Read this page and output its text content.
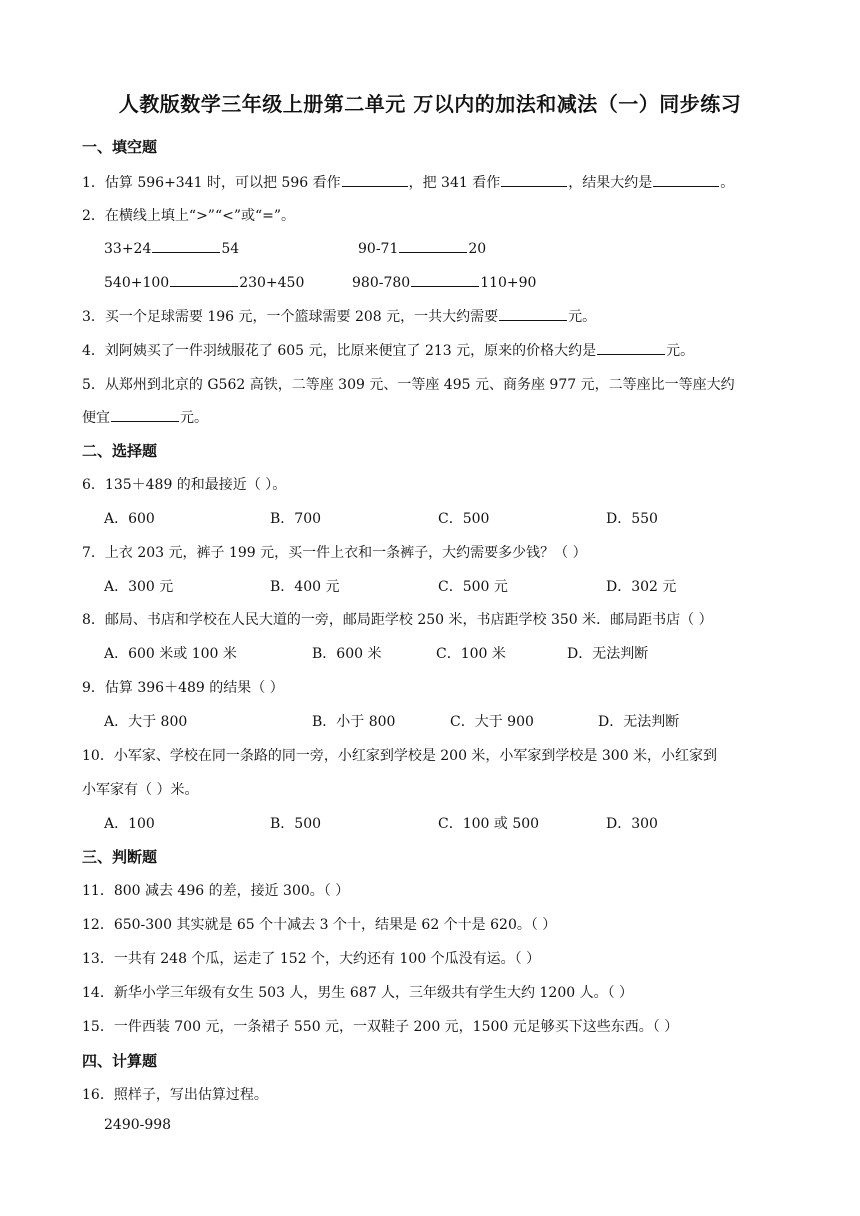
人教版数学三年级上册第二单元 万以内的加法和减法（一）同步练习
一、填空题
1．估算 596+341 时，可以把 596 看作	，把 341 看作	，结果大约是	。
2．在横线上填上“>”“<”或“=”。
33+24	54	90-71	20
540+100	230+450	980-780	110+90
3．买一个足球需要 196 元，一个篮球需要 208 元，一共大约需要	元。
4．刘阿姨买了一件羽绒服花了 605 元，比原来便宜了 213 元，原来的价格大约是	元。
5．从郑州到北京的 G562 高铁，二等座 309 元、一等座 495 元、商务座 977 元，二等座比一等座大约
便宜	元。
二、选择题
6．135＋489 的和最接近（ ）。
A．600	B．700	C．500	D．550
7．上衣 203 元，裤子 199 元，买一件上衣和一条裤子，大约需要多少钱？（ ）
A．300 元	B．400 元	C．500 元	D．302 元
8．邮局、书店和学校在人民大道的一旁，邮局距学校 250 米，书店距学校 350 米．邮局距书店（ ）
A．600 米或 100 米	B．600 米	C．100 米	D．无法判断
9．估算 396＋489 的结果（ ）
A．大于 800	B．小于 800	C．大于 900	D．无法判断
10．小军家、学校在同一条路的同一旁，小红家到学校是 200 米，小军家到学校是 300 米，小红家到
小军家有（ ）米。
A．100	B．500	C．100 或 500	D．300
三、判断题
11．800 减去 496 的差，接近 300。（ ）
12．650-300 其实就是 65 个十减去 3 个十，结果是 62 个十是 620。（ ）
13．一共有 248 个瓜，运走了 152 个，大约还有 100 个瓜没有运。（ ）
14．新华小学三年级有女生 503 人，男生 687 人，三年级共有学生大约 1200 人。（ ）
15．一件西装 700 元，一条裙子 550 元，一双鞋子 200 元，1500 元足够买下这些东西。（ ）
四、计算题
16．照样子，写出估算过程。
2490-998
